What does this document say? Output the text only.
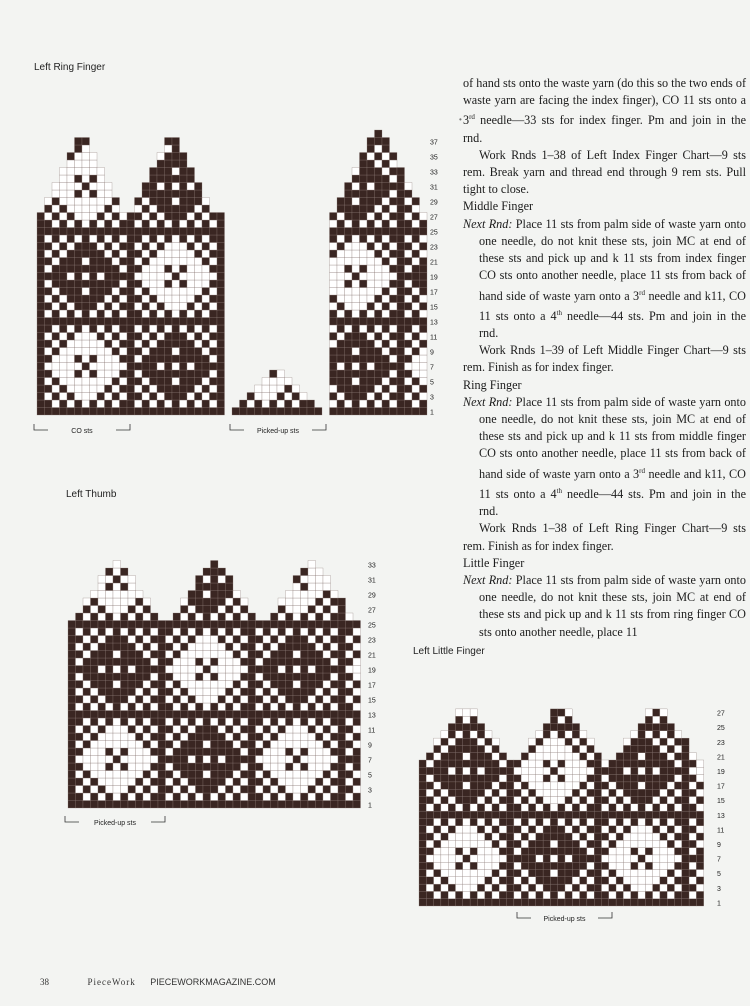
1
3
5
7
9
11
13
15
17
19
21
23
25
27
29
31
33
35
37
CO sts	Picked-up sts
1
3
5
7
9
11
13
15
17
19
21
23
25
27
29
31
33
Picked-up sts
1
3
5
7
9
11
13
15
17
19
21
23
25
27
Picked-up sts
Left Ring Finger
Left Thumb
Left Little Finger
•

of hand sts onto the waste yarn (do this so the two ends of waste yarn are facing the index finger), CO 11 sts onto a 3rd needle—33 sts for index finger. Pm and join in the rnd.

Work Rnds 1–38 of Left Index Finger Chart—9 sts rem. Break yarn and thread end through 9 rem sts. Pull tight to close.

Middle Finger

Next Rnd: Place 11 sts from palm side of waste yarn onto one needle, do not knit these sts, join MC at end of these sts and pick up and k 11 sts from index finger CO sts onto another needle, place 11 sts from back of hand side of waste yarn onto a 3rd needle and k11, CO 11 sts onto a 4th needle—44 sts. Pm and join in the rnd.

Work Rnds 1–39 of Left Middle Finger Chart—9 sts rem. Finish as for index finger.

Ring Finger

Next Rnd: Place 11 sts from palm side of waste yarn onto one needle, do not knit these sts, join MC at end of these sts and pick up and k 11 sts from middle finger CO sts onto another needle, place 11 sts from back of hand side of waste yarn onto a 3rd needle and k11, CO 11 sts onto a 4th needle—44 sts. Pm and join in the rnd.

Work Rnds 1–38 of Left Ring Finger Chart—9 sts rem. Finish as for index finger.

Little Finger

Next Rnd: Place 11 sts from palm side of waste yarn onto one needle, do not knit these sts, join MC at end of these sts and pick up and k 11 sts from ring finger CO sts onto another needle, place 11

38	PieceWork PIECEWORKMAGAZINE.COM
